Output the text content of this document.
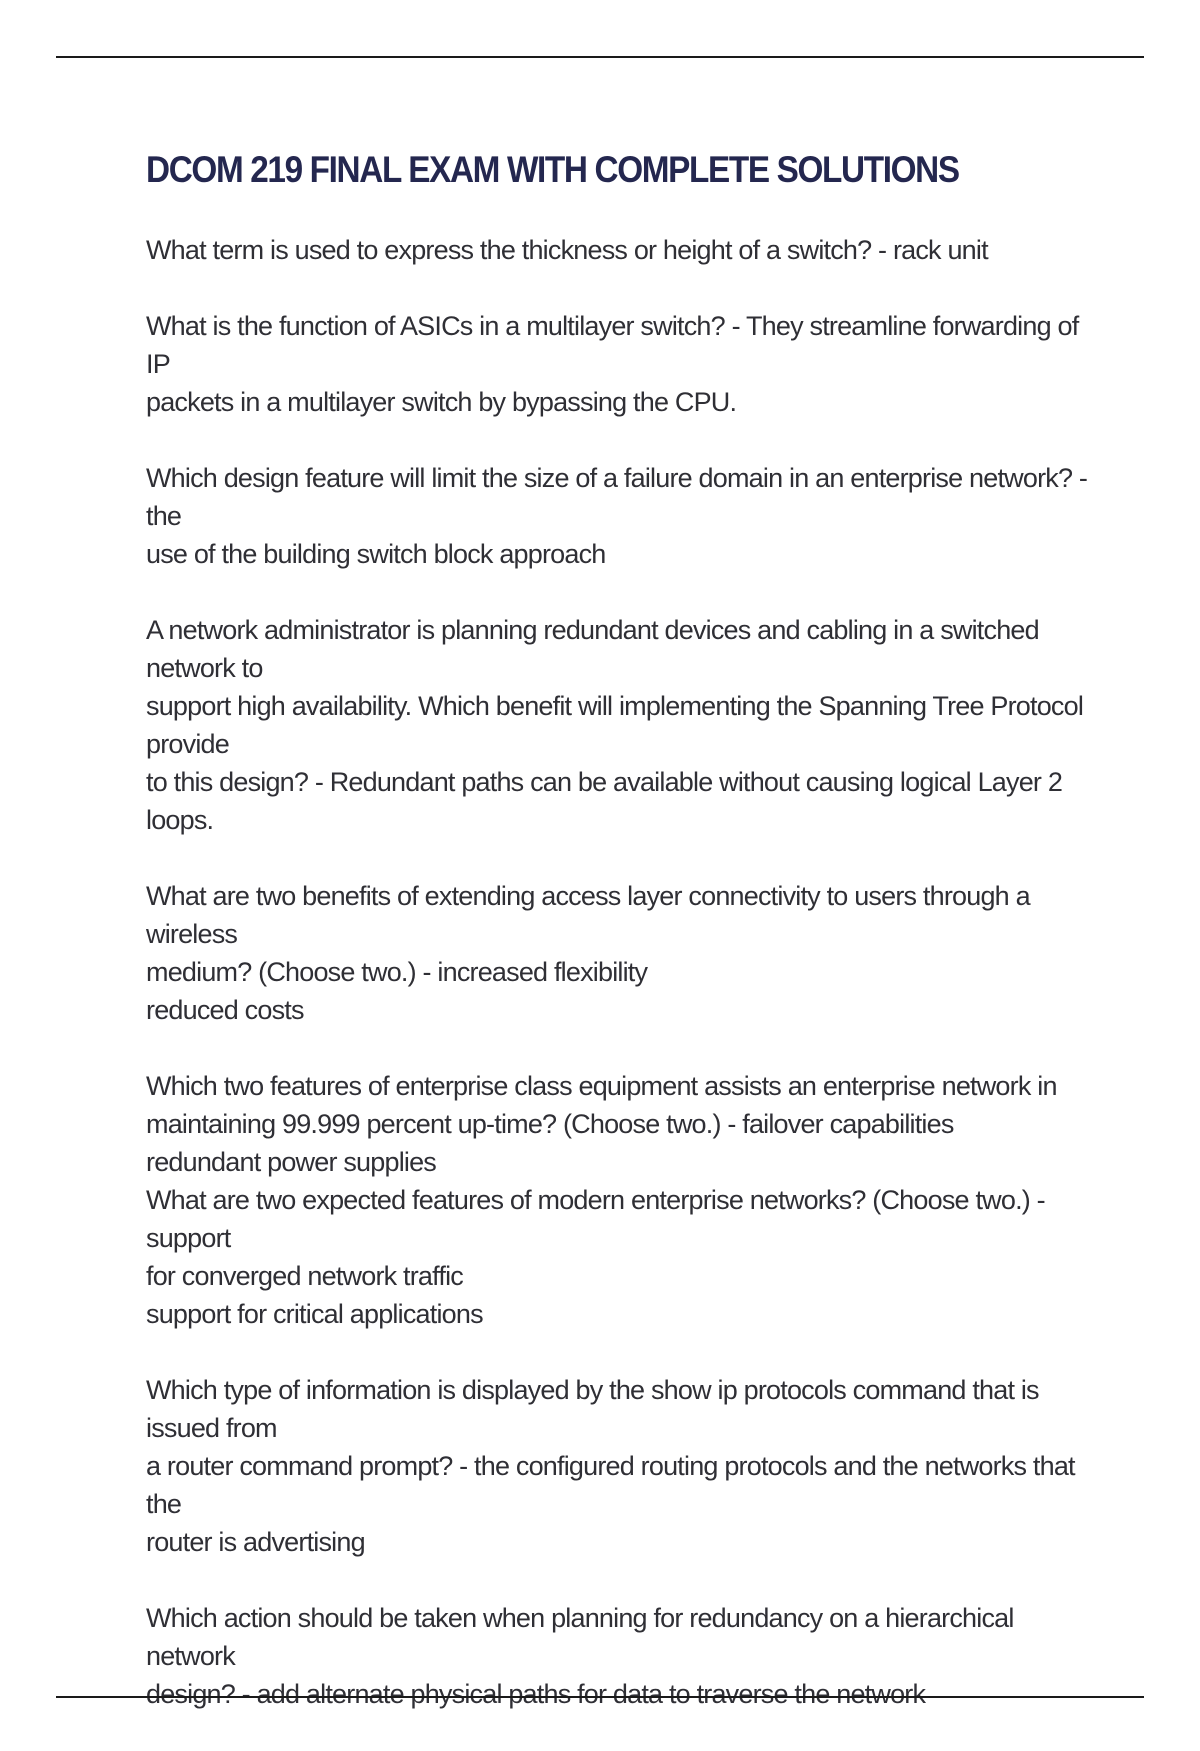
DCOM 219 FINAL EXAM WITH COMPLETE SOLUTIONS
What term is used to express the thickness or height of a switch? - rack unit
What is the function of ASICs in a multilayer switch? - They streamline forwarding of IP
packets in a multilayer switch by bypassing the CPU.
Which design feature will limit the size of a failure domain in an enterprise network? - the
use of the building switch block approach
A network administrator is planning redundant devices and cabling in a switched network to
support high availability. Which benefit will implementing the Spanning Tree Protocol provide
to this design? - Redundant paths can be available without causing logical Layer 2 loops.
What are two benefits of extending access layer connectivity to users through a wireless
medium? (Choose two.) - increased flexibility
reduced costs
Which two features of enterprise class equipment assists an enterprise network in
maintaining 99.999 percent up-time? (Choose two.) - failover capabilities
redundant power supplies
What are two expected features of modern enterprise networks? (Choose two.) - support
for converged network traffic
support for critical applications
Which type of information is displayed by the show ip protocols command that is issued from
a router command prompt? - the configured routing protocols and the networks that the
router is advertising
Which action should be taken when planning for redundancy on a hierarchical network
design? - add alternate physical paths for data to traverse the network
